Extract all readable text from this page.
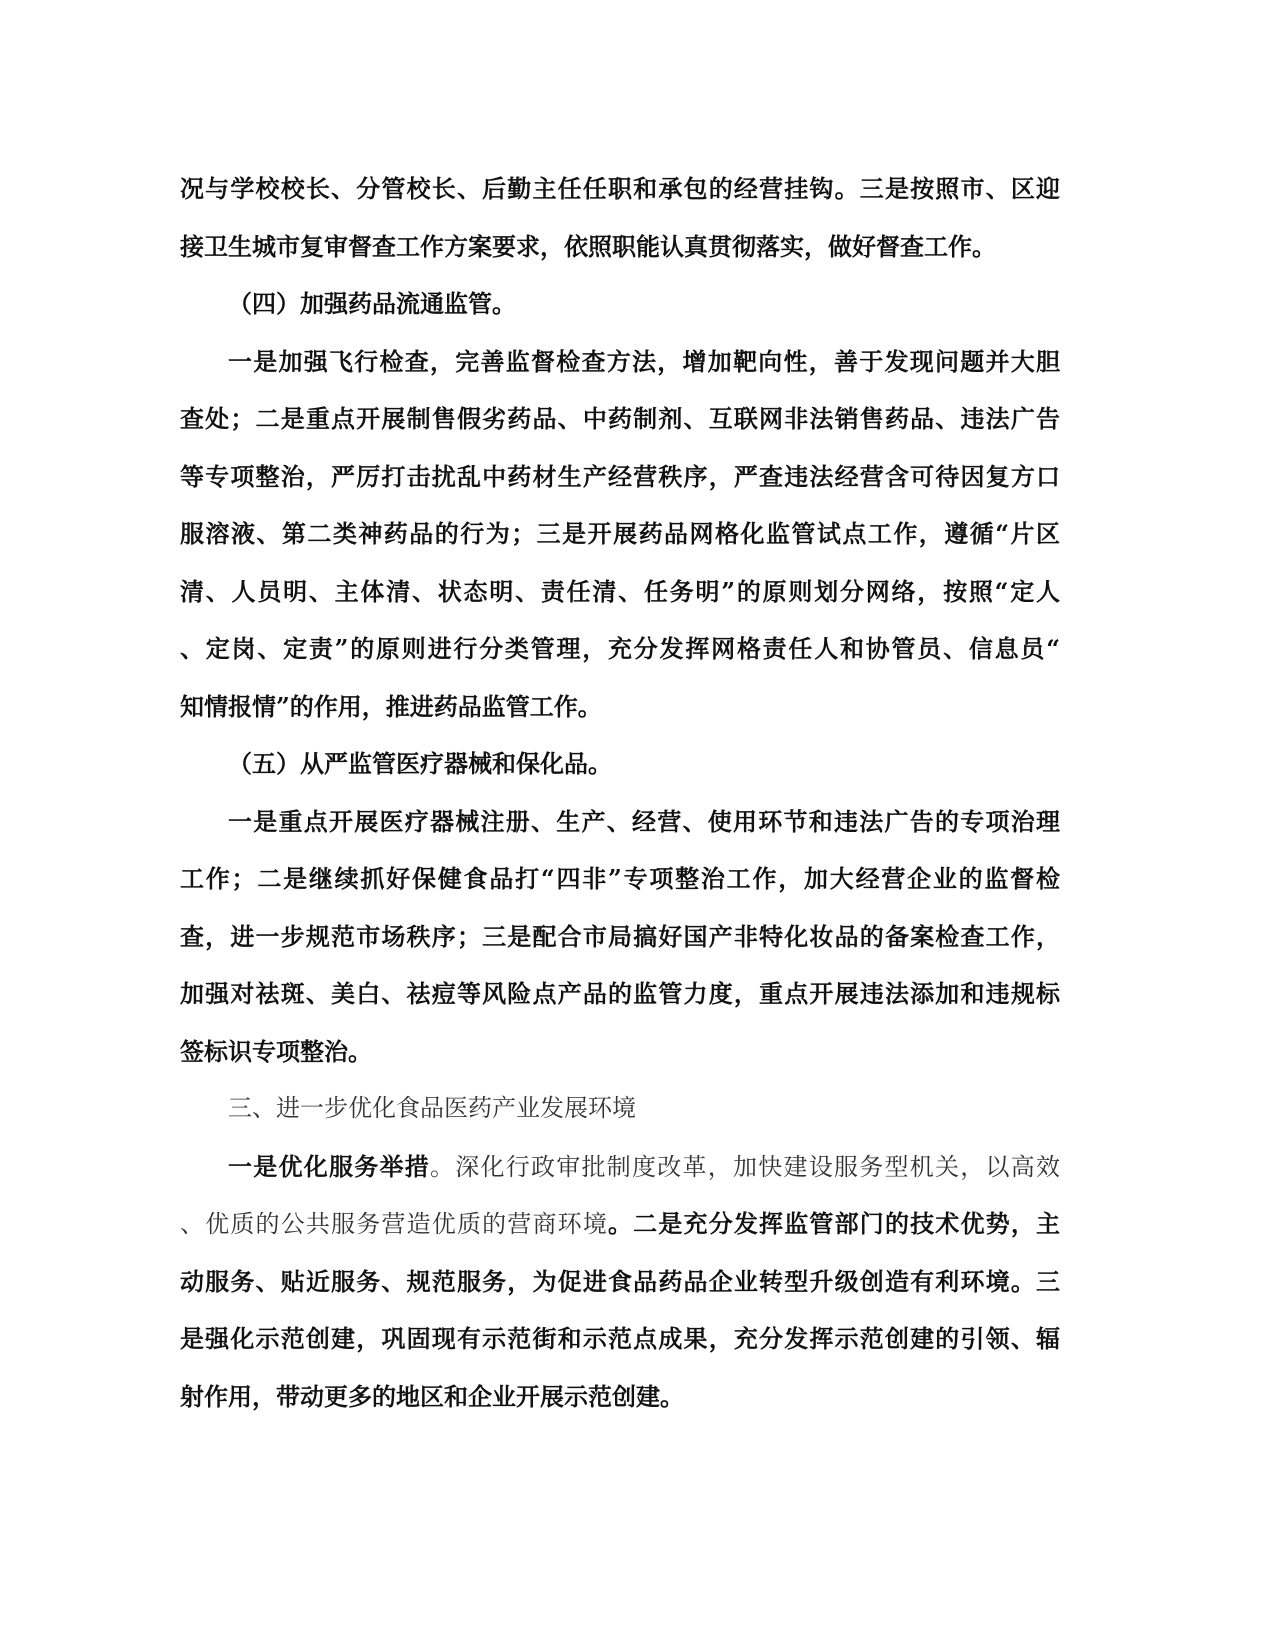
况与学校校长、分管校长、后勤主任任职和承包的经营挂钩。三是按照市、区迎
接卫生城市复审督查工作方案要求，依照职能认真贯彻落实，做好督查工作。
（四）加强药品流通监管。
一是加强飞行检查，完善监督检查方法，增加靶向性，善于发现问题并大胆
查处；二是重点开展制售假劣药品、中药制剂、互联网非法销售药品、违法广告
等专项整治，严厉打击扰乱中药材生产经营秩序，严查违法经营含可待因复方口
服溶液、第二类神药品的行为；三是开展药品网格化监管试点工作，遵循“片区
清、人员明、主体清、状态明、责任清、任务明”的原则划分网络，按照“定人
、定岗、定责”的原则进行分类管理，充分发挥网格责任人和协管员、信息员“
知情报情”的作用，推进药品监管工作。
（五）从严监管医疗器械和保化品。
一是重点开展医疗器械注册、生产、经营、使用环节和违法广告的专项治理
工作；二是继续抓好保健食品打“四非”专项整治工作，加大经营企业的监督检
查，进一步规范市场秩序；三是配合市局搞好国产非特化妆品的备案检查工作，
加强对祛斑、美白、祛痘等风险点产品的监管力度，重点开展违法添加和违规标
签标识专项整治。
三、进一步优化食品医药产业发展环境
一是优化服务举措。深化行政审批制度改革，加快建设服务型机关，以高效
、优质的公共服务营造优质的营商环境。二是充分发挥监管部门的技术优势，主
动服务、贴近服务、规范服务，为促进食品药品企业转型升级创造有利环境。三
是强化示范创建，巩固现有示范街和示范点成果，充分发挥示范创建的引领、辐
射作用，带动更多的地区和企业开展示范创建。
